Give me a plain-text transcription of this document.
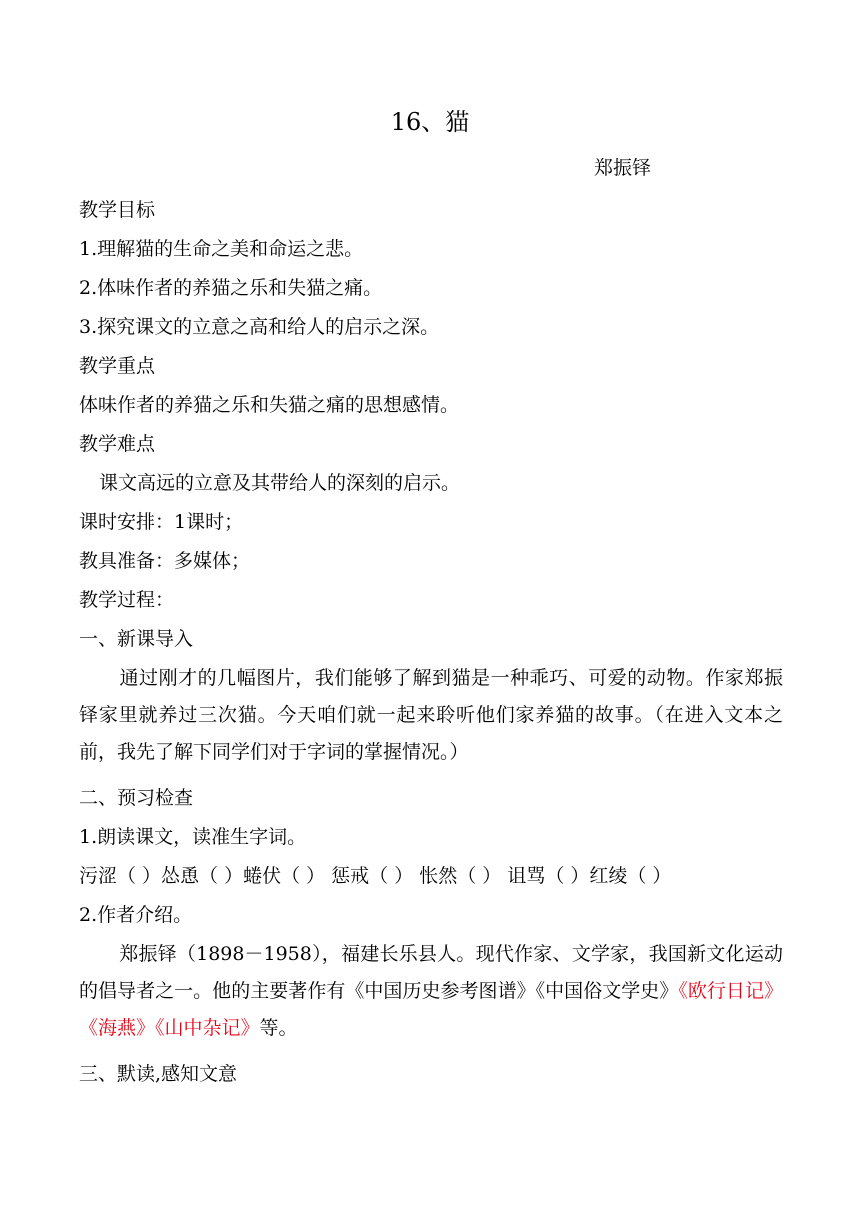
16、猫
郑振铎
教学目标
1.理解猫的生命之美和命运之悲。
2.体味作者的养猫之乐和失猫之痛。
3.探究课文的立意之高和给人的启示之深。
教学重点
体味作者的养猫之乐和失猫之痛的思想感情。
教学难点
课文高远的立意及其带给人的深刻的启示。
课时安排：1课时；
教具准备：多媒体；
教学过程：
一、新课导入
通过刚才的几幅图片，我们能够了解到猫是一种乖巧、可爱的动物。作家郑振铎家里就养过三次猫。今天咱们就一起来聆听他们家养猫的故事。（在进入文本之前，我先了解下同学们对于字词的掌握情况。）
二、预习检查
1.朗读课文，读准生字词。
污涩（ ）怂恿（ ）蜷伏（ ） 惩戒（ ） 怅然（ ） 诅骂（ ）红绫（ ）
2.作者介绍。
郑振铎（1898－1958），福建长乐县人。现代作家、文学家，我国新文化运动的倡导者之一。他的主要著作有《中国历史参考图谱》《中国俗文学史》《欧行日记》《海燕》《山中杂记》等。
三、默读,感知文意
